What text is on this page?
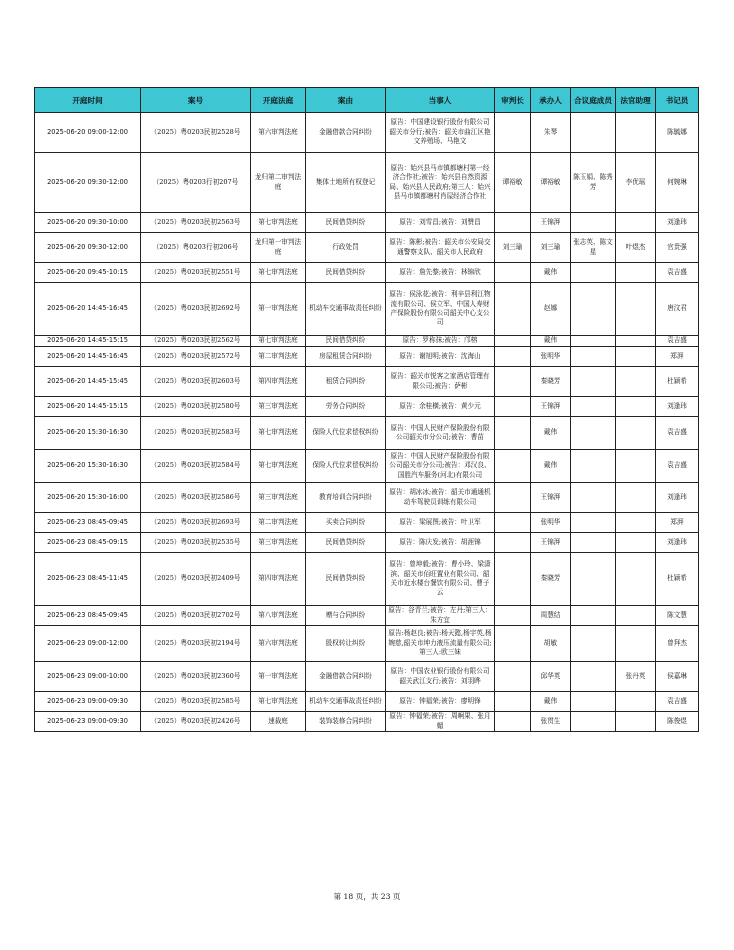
开庭时间	案号	开庭法庭	案由	当事人	审判长	承办人	合议庭成员	法官助理	书记员
2025-06-20 09:00-12:00	（2025）粤0203民初2528号	第六审判法庭	金融借款合同纠纷	原告：中国建设银行股份有限公司韶关市分行;被告：韶关市曲江区艳文养殖场、马艳文		朱琴			陈毓娜
2025-06-20 09:30-12:00	（2025）粤0203行初207号	龙归第二审判法庭	集体土地所有权登记	原告：始兴县马市镇都塘村第一经济合作社;被告：始兴县自然资源局、始兴县人民政府;第三人：始兴县马市镇都塘村肖屋经济合作社	谭裕敏	谭裕敏	陈玉娟、陈秀芳	李优瑶	何婉琳
2025-06-20 09:30-10:00	（2025）粤0203民初2563号	第七审判法庭	民间借贷纠纷	原告：刘雪昌;被告：刘赞昌		王锦湃			刘逢玮
2025-06-20 09:30-12:00	（2025）粤0203行初206号	龙归第一审判法庭	行政处罚	原告：陈彬;被告：韶关市公安局交通警察支队、韶关市人民政府	刘三瑜	刘三瑜	张志英、陈文星	叶煜杰	官贵强
2025-06-20 09:45-10:15	（2025）粤0203民初2551号	第七审判法庭	民间借贷纠纷	原告：詹先黎;被告：林锦欣		戴伟			袁吉盛
2025-06-20 14:45-16:45	（2025）粤0203民初2692号	第一审判法庭	机动车交通事故责任纠纷	原告：侯泳花;被告：利辛县利江物流有限公司、侯立军、中国人寿财产保险股份有限公司韶关中心支公司		赵娜			唐汶君
2025-06-20 14:45-15:15	（2025）粤0203民初2562号	第七审判法庭	民间借贷纠纷	原告：罗称抹;被告：邝榕		戴伟			袁吉盛
2025-06-20 14:45-16:45	（2025）粤0203民初2572号	第二审判法庭	房屋租赁合同纠纷	原告：谢旭明;被告：沈海山		张明华			郑湃
2025-06-20 14:45-15:45	（2025）粤0203民初2603号	第四审判法庭	租赁合同纠纷	原告：韶关市悦客之家酒店管理有限公司;被告：萨彬		秦晓芳			杜颖希
2025-06-20 14:45-15:15	（2025）粤0203民初2580号	第三审判法庭	劳务合同纠纷	原告：余桂横;被告：黄少元		王锦湃			刘逢玮
2025-06-20 15:30-16:30	（2025）粤0203民初2583号	第七审判法庭	保险人代位求偿权纠纷	原告：中国人民财产保险股份有限公司韶关市分公司;被告：曹苗		戴伟			袁吉盛
2025-06-20 15:30-16:30	（2025）粤0203民初2584号	第七审判法庭	保险人代位求偿权纠纷	原告：中国人民财产保险股份有限公司韶关市分公司;被告：邓汉良、国胜汽车服务(河北)有限公司		戴伟			袁吉盛
2025-06-20 15:30-16:00	（2025）粤0203民初2586号	第三审判法庭	教育培训合同纠纷	原告：胡冰冰;被告：韶关市通通机动车驾驶员训练有限公司		王锦湃			刘逢玮
2025-06-23 08:45-09:45	（2025）粤0203民初2693号	第二审判法庭	买卖合同纠纷	原告：梁展图;被告：叶卫军		张明华			郑湃
2025-06-23 08:45-09:15	（2025）粤0203民初2535号	第三审判法庭	民间借贷纠纷	原告：陈庆发;被告：胡涯锦		王锦湃			刘逢玮
2025-06-23 08:45-11:45	（2025）粤0203民初2409号	第四审判法庭	民间借贷纠纷	原告：曾坤毅;被告：曹小玲、梁潇滨、韶关市佰旺置业有限公司、韶关市近水楼台餐饮有限公司、曹子云		秦晓芳			杜颖希
2025-06-23 08:45-09:45	（2025）粤0203民初2702号	第八审判法庭	赠与合同纠纷	原告：谷青兰;被告：左丹;第三人：朱方宜		周慧结			陈文慧
2025-06-23 09:00-12:00	（2025）粤0203民初2194号	第六审判法庭	股权转让纠纷	原告:杨赵良;被告:杨天懿,杨宇英,杨婉慈,韶关市坤力液压流量有限公司;第三人:欧三妹		胡敏			曾拜杰
2025-06-23 09:00-10:00	（2025）粤0203民初2360号	第一审判法庭	金融借款合同纠纷	原告：中国农业银行股份有限公司韶关武江支行;被告：刘羽晔		邱华英		张丹英	侯嘉琳
2025-06-23 09:00-09:30	（2025）粤0203民初2585号	第七审判法庭	机动车交通事故责任纠纷	原告：钟福荣;被告：廖明锋		戴伟			袁吉盛
2025-06-23 09:00-09:30	（2025）粤0203民初2426号	速裁庭	装饰装修合同纠纷	原告：钟福荣;被告：周啊果、张月媚		张贯生			陈俊煜
第 18 页，共 23 页
